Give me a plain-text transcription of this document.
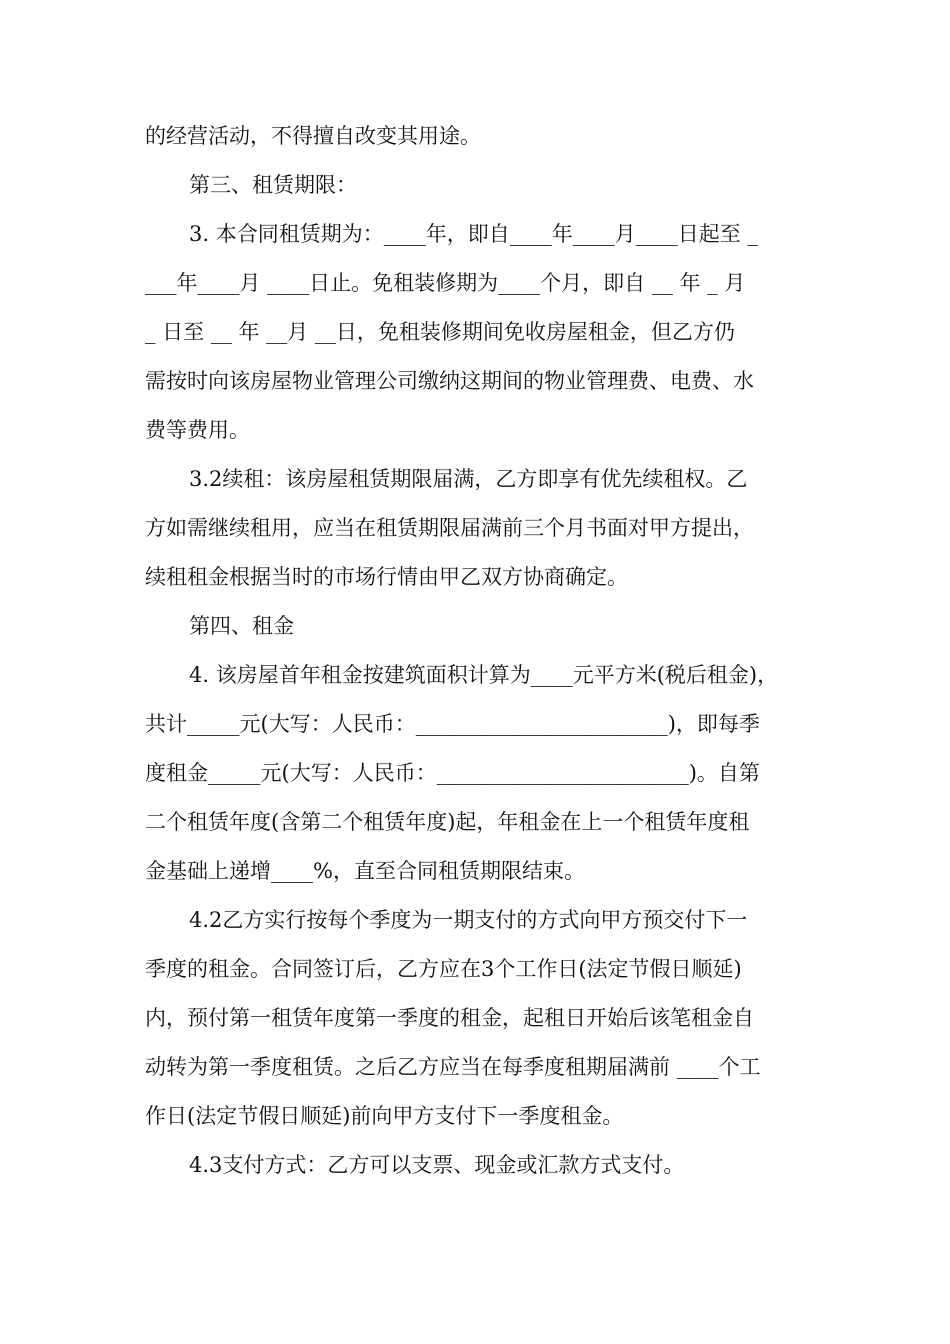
的经营活动，不得擅自改变其用途。
第三、租赁期限：
3. 本合同租赁期为：____年，即自____年____月____日起至 _
___年____月 ____日止。免租装修期为____个月，即自 __ 年 _ 月
_ 日至 __ 年 __月 __日，免租装修期间免收房屋租金，但乙方仍
需按时向该房屋物业管理公司缴纳这期间的物业管理费、电费、水
费等费用。
3.2续租：该房屋租赁期限届满，乙方即享有优先续租权。乙
方如需继续租用，应当在租赁期限届满前三个月书面对甲方提出，
续租租金根据当时的市场行情由甲乙双方协商确定。
第四、租金
4. 该房屋首年租金按建筑面积计算为____元平方米(税后租金)，
共计_____元(大写：人民币：________________________)，即每季
度租金_____元(大写：人民币：________________________)。自第
二个租赁年度(含第二个租赁年度)起，年租金在上一个租赁年度租
金基础上递增____%，直至合同租赁期限结束。
4.2乙方实行按每个季度为一期支付的方式向甲方预交付下一
季度的租金。合同签订后，乙方应在3个工作日(法定节假日顺延)
内，预付第一租赁年度第一季度的租金，起租日开始后该笔租金自
动转为第一季度租赁。之后乙方应当在每季度租期届满前 ____个工
作日(法定节假日顺延)前向甲方支付下一季度租金。
4.3支付方式：乙方可以支票、现金或汇款方式支付。
